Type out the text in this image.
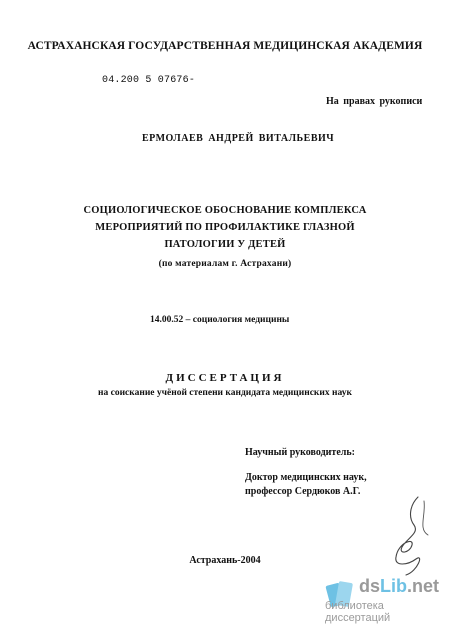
АСТРАХАНСКАЯ ГОСУДАРСТВЕННАЯ МЕДИЦИНСКАЯ АКАДЕМИЯ
04.200 5 07676-
На правах рукописи
ЕРМОЛАЕВ АНДРЕЙ ВИТАЛЬЕВИЧ
СОЦИОЛОГИЧЕСКОЕ ОБОСНОВАНИЕ КОМПЛЕКСА
МЕРОПРИЯТИЙ ПО ПРОФИЛАКТИКЕ ГЛАЗНОЙ
ПАТОЛОГИИ У ДЕТЕЙ
(по материалам г. Астрахани)
14.00.52 – социология медицины
ДИССЕРТАЦИЯ
на соискание учёной степени кандидата медицинских наук
Научный руководитель:
Доктор медицинских наук,
профессор Сердюков А.Г.
Астрахань-2004
dsLib.net
библиотека диссертаций
